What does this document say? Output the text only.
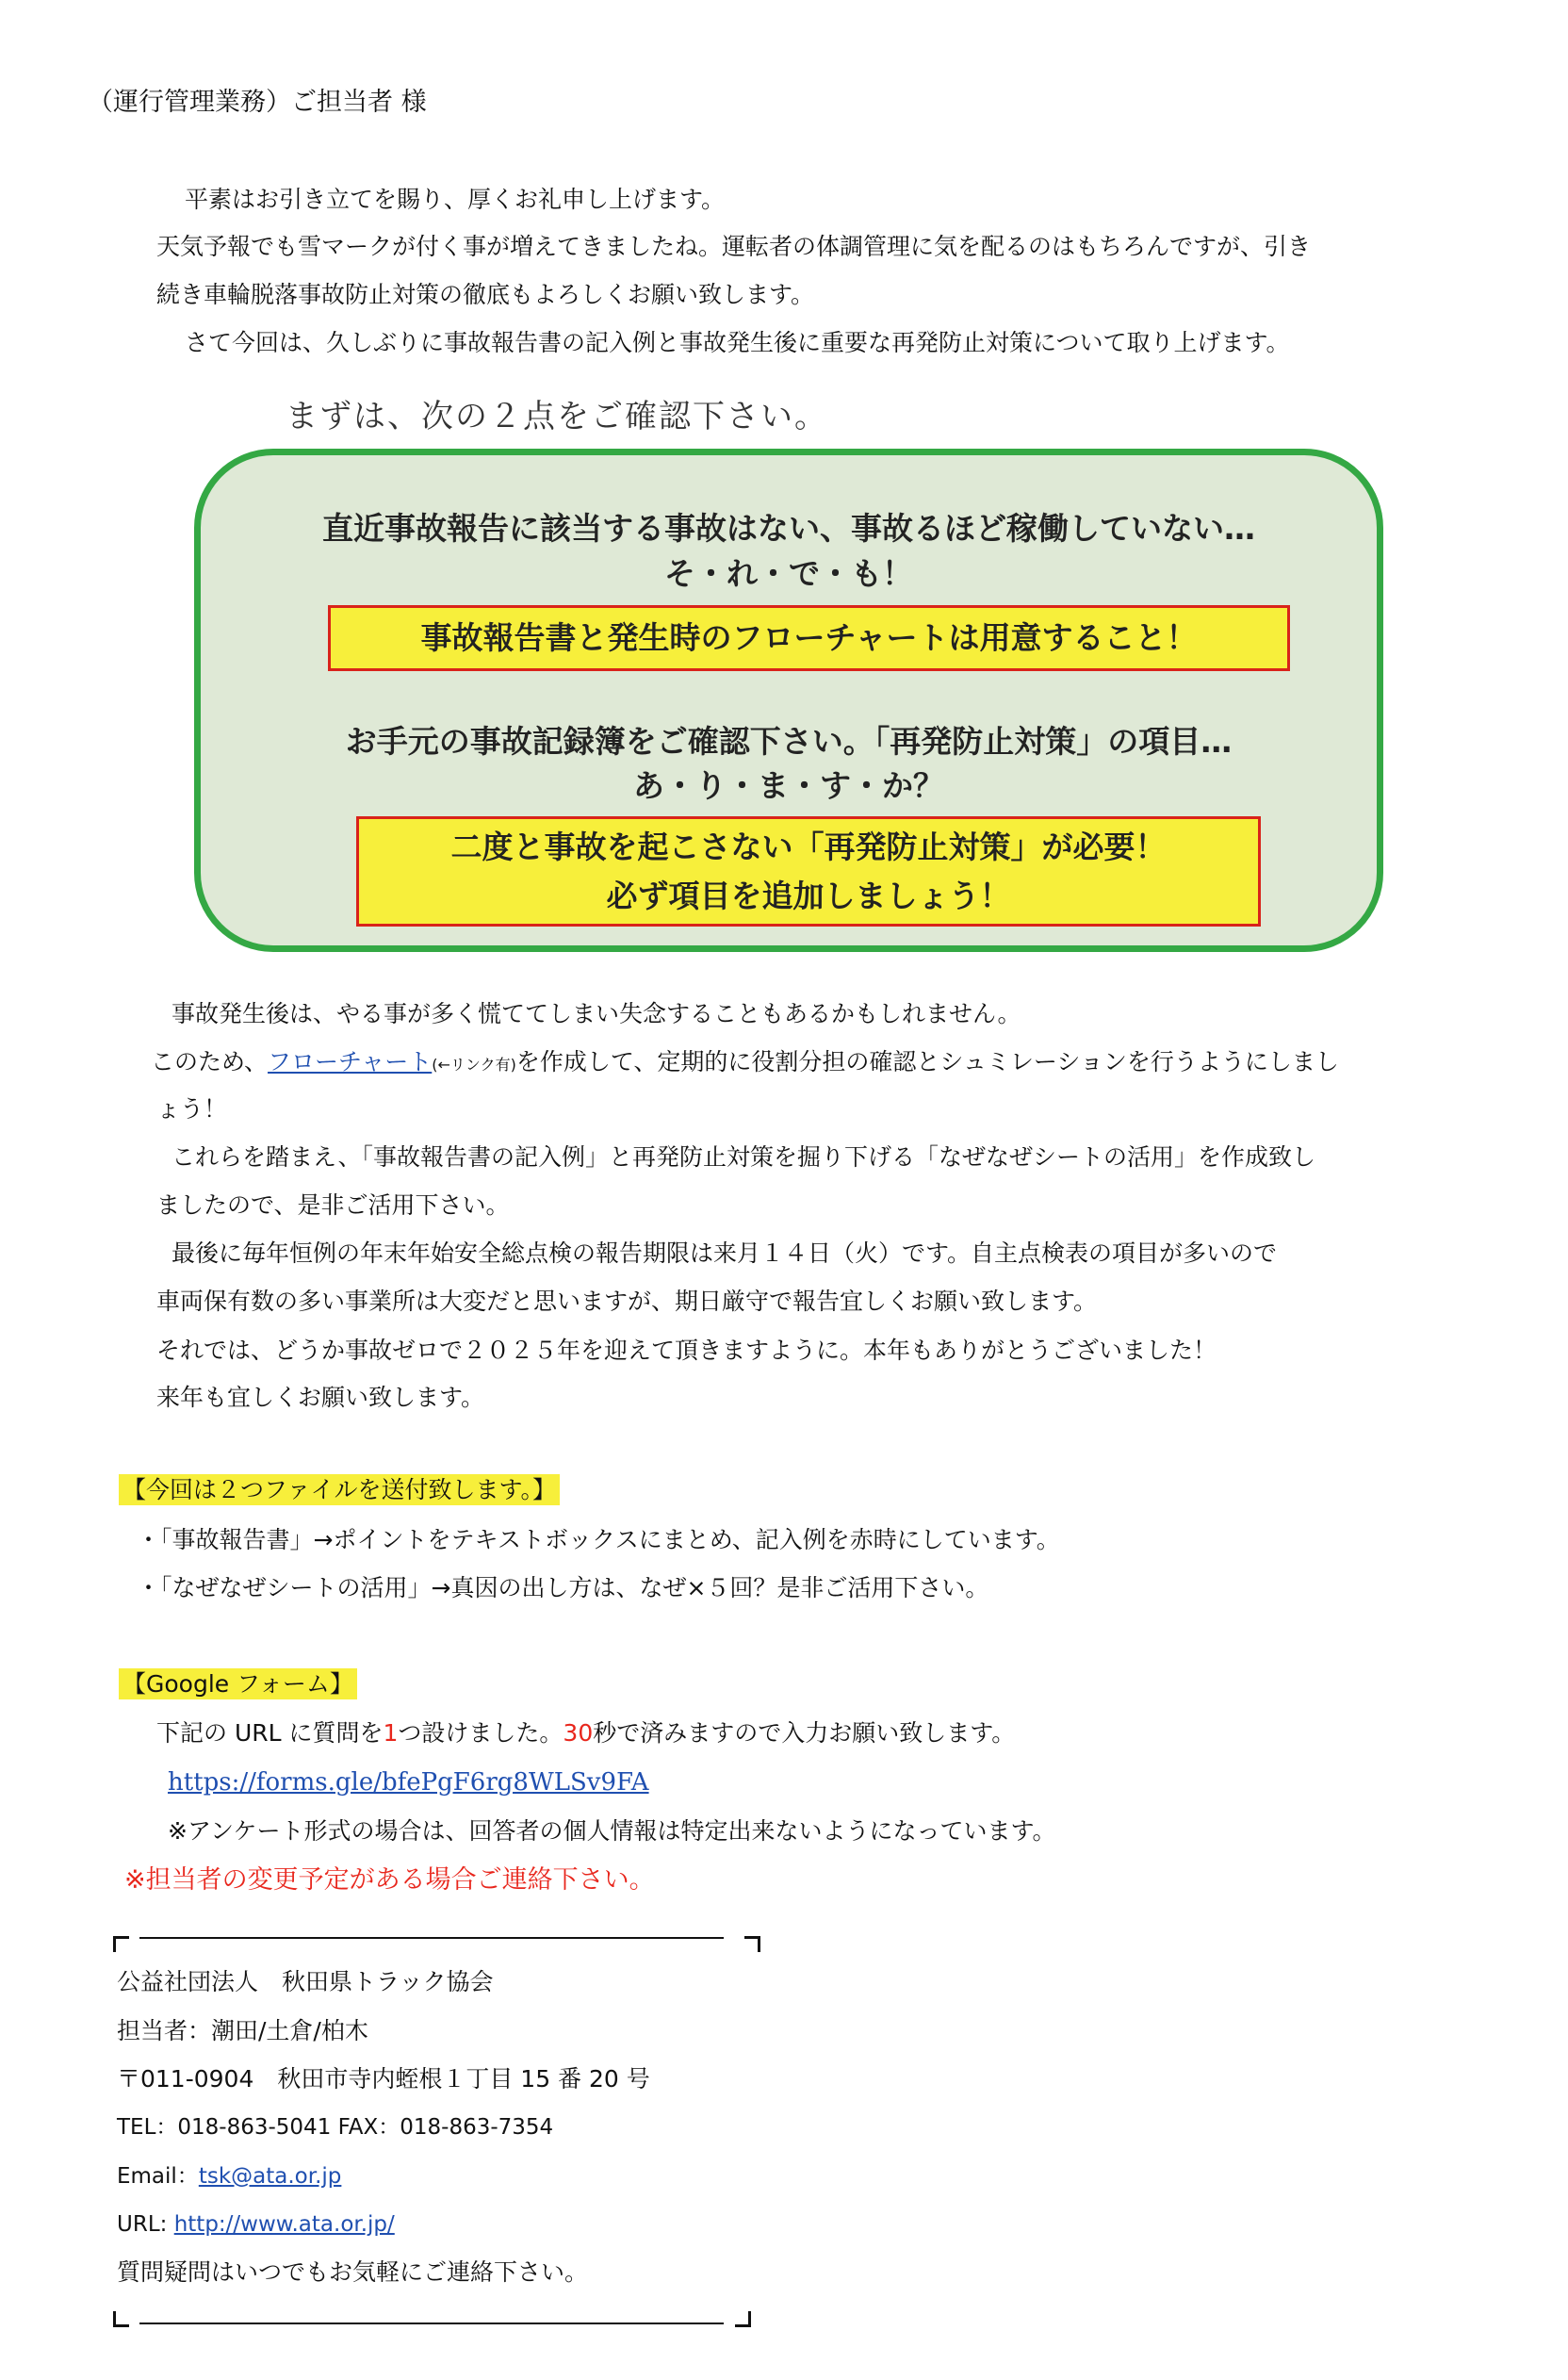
（運行管理業務）ご担当者 様
平素はお引き立てを賜り、厚くお礼申し上げます。
天気予報でも雪マークが付く事が増えてきましたね。運転者の体調管理に気を配るのはもちろんですが、引き
続き車輪脱落事故防止対策の徹底もよろしくお願い致します。
さて今回は、久しぶりに事故報告書の記入例と事故発生後に重要な再発防止対策について取り上げます。
まずは、次の２点をご確認下さい。
直近事故報告に該当する事故はない、事故るほど稼働していない…
そ・れ・で・も！
事故報告書と発生時のフローチャートは用意すること！
お手元の事故記録簿をご確認下さい。「再発防止対策」の項目…
あ・り・ま・す・か？
二度と事故を起こさない「再発防止対策」が必要！
必ず項目を追加しましょう！
事故発生後は、やる事が多く慌ててしまい失念することもあるかもしれません。
このため、フローチャート(←リンク有)を作成して、定期的に役割分担の確認とシュミレーションを行うようにしまし
ょう！
これらを踏まえ、「事故報告書の記入例」と再発防止対策を掘り下げる「なぜなぜシートの活用」を作成致し
ましたので、是非ご活用下さい。
最後に毎年恒例の年末年始安全総点検の報告期限は来月１４日（火）です。自主点検表の項目が多いので
車両保有数の多い事業所は大変だと思いますが、期日厳守で報告宜しくお願い致します。
それでは、どうか事故ゼロで２０２５年を迎えて頂きますように。本年もありがとうございました！
来年も宜しくお願い致します。
【今回は２つファイルを送付致します。】
・「事故報告書」→ポイントをテキストボックスにまとめ、記入例を赤時にしています。
・「なぜなぜシートの活用」→真因の出し方は、なぜ×５回？是非ご活用下さい。
【Google フォーム】
下記の URL に質問を1つ設けました。30秒で済みますので入力お願い致します。
https://forms.gle/bfePgF6rg8WLSv9FA
※アンケート形式の場合は、回答者の個人情報は特定出来ないようになっています。
※担当者の変更予定がある場合ご連絡下さい。
公益社団法人　秋田県トラック協会
担当者：潮田/土倉/柏木
〒011-0904　秋田市寺内蛭根１丁目 15 番 20 号
TEL：018-863-5041 FAX：018-863-7354
Email：tsk@ata.or.jp
URL: http://www.ata.or.jp/
質問疑問はいつでもお気軽にご連絡下さい。
